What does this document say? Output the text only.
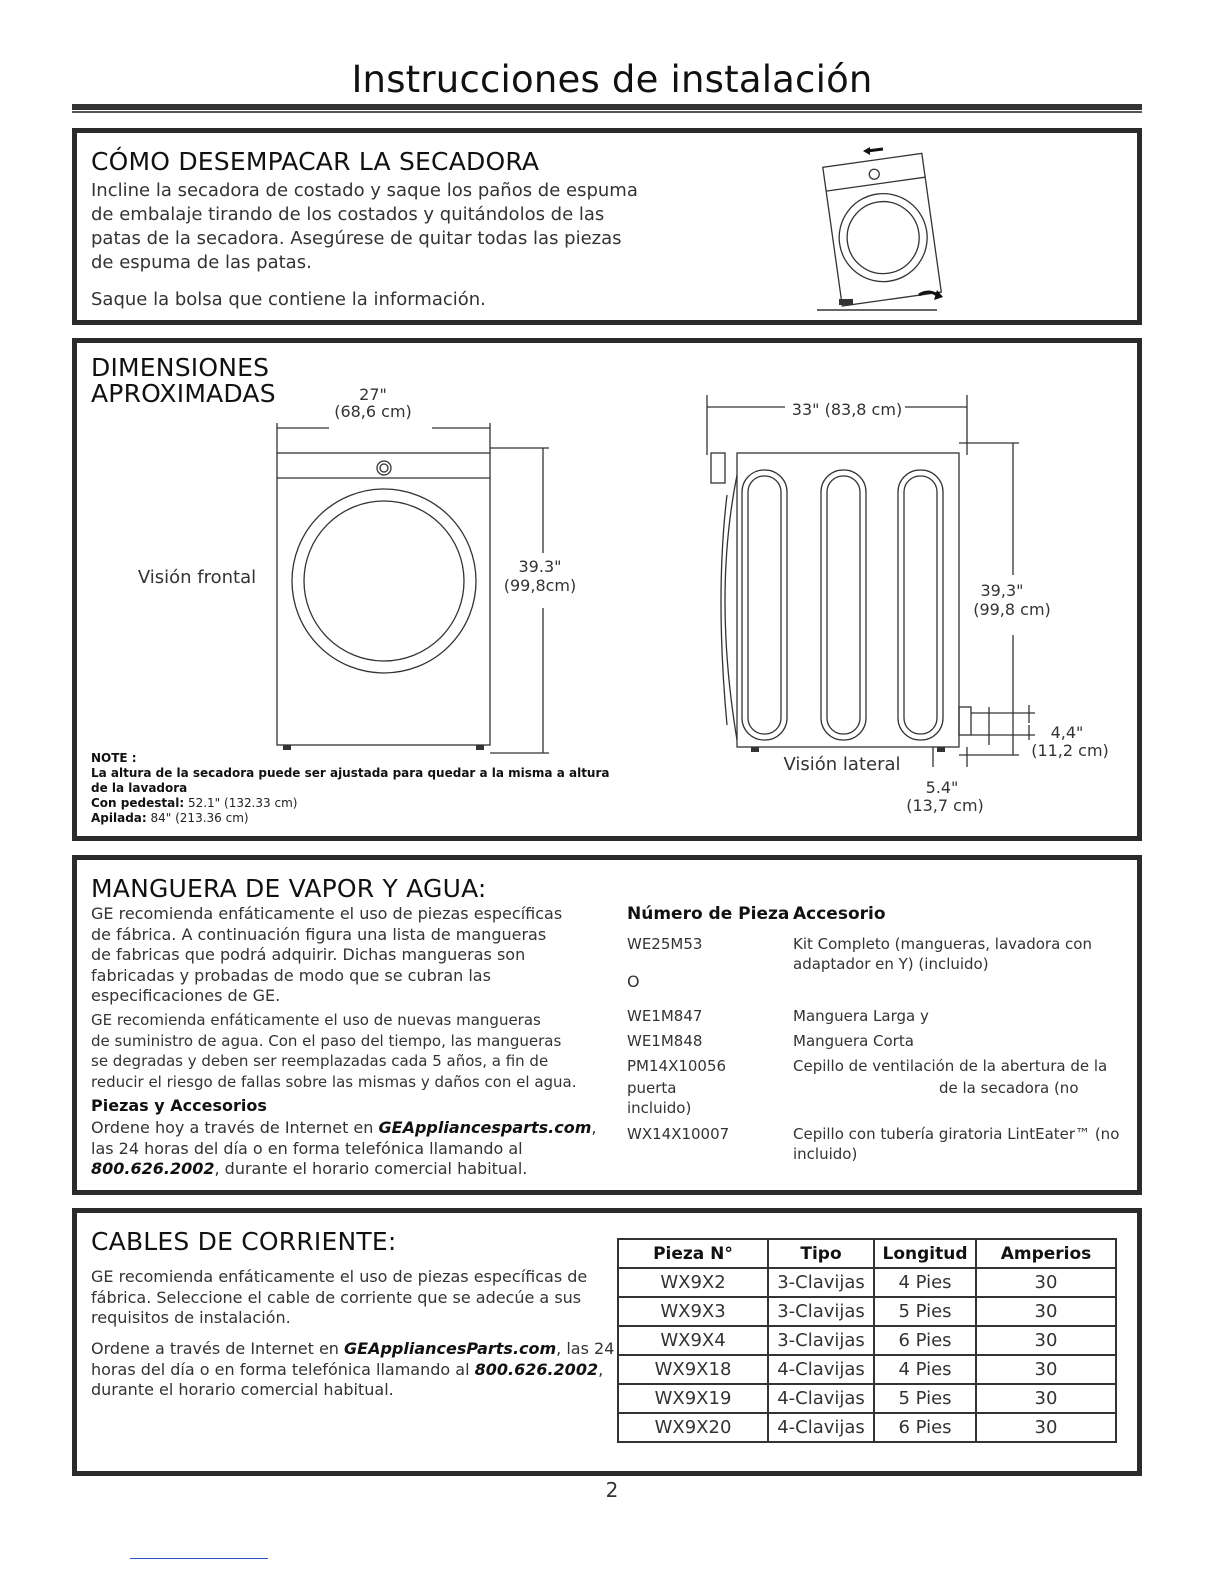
Instrucciones de instalación
CÓMO DESEMPACAR LA SECADORA
Incline la secadora de costado y saque los paños de espuma
de embalaje tirando de los costados y quitándolos de las
patas de la secadora. Asegúrese de quitar todas las piezas
de espuma de las patas.
Saque la bolsa que contiene la información.
DIMENSIONES
APROXIMADAS	27"
(68,6 cm)
Visión frontal
39.3"
(99,8cm)
33" (83,8 cm)
39,3"
(99,8 cm)
Visión lateral
4,4"
(11,2 cm)
5.4"
(13,7 cm)
NOTE :
La altura de la secadora puede ser ajustada para quedar a la misma a altura
de la lavadora
Con pedestal: 52.1" (132.33 cm)
Apilada: 84" (213.36 cm)
MANGUERA DE VAPOR Y AGUA:
GE recomienda enfáticamente el uso de piezas específicas
de fábrica. A continuación figura una lista de mangueras
de fabricas que podrá adquirir. Dichas mangueras son
fabricadas y probadas de modo que se cubran las
especificaciones de GE.
GE recomienda enfáticamente el uso de nuevas mangueras
de suministro de agua. Con el paso del tiempo, las mangueras
se degradas y deben ser reemplazadas cada 5 años, a fin de
reducir el riesgo de fallas sobre las mismas y daños con el agua.
Piezas y Accesorios
Ordene hoy a través de Internet en GEAppliancesparts.com,
las 24 horas del día o en forma telefónica llamando al
800.626.2002, durante el horario comercial habitual.
Número de Pieza Accesorio
WE25M53	Kit Completo (mangueras, lavadora con
adaptador en Y) (incluido)
O
WE1M847	Manguera Larga y
WE1M848	Manguera Corta
PM14X10056	Cepillo de ventilación de la abertura de la
puerta	de la secadora (no
incluido)
WX14X10007	Cepillo con tubería giratoria LintEater™ (no
incluido)
CABLES DE CORRIENTE:
GE recomienda enfáticamente el uso de piezas específicas de
fábrica. Seleccione el cable de corriente que se adecúe a sus
requisitos de instalación.
Ordene a través de Internet en GEAppliancesParts.com, las 24
horas del día o en forma telefónica llamando al 800.626.2002,
durante el horario comercial habitual.
Pieza N°	Tipo	Longitud	Amperios
WX9X2	3-Clavijas	4 Pies	30
WX9X3	3-Clavijas	5 Pies	30
WX9X4	3-Clavijas	6 Pies	30
WX9X18	4-Clavijas	4 Pies	30
WX9X19	4-Clavijas	5 Pies	30
WX9X20	4-Clavijas	6 Pies	30
2
